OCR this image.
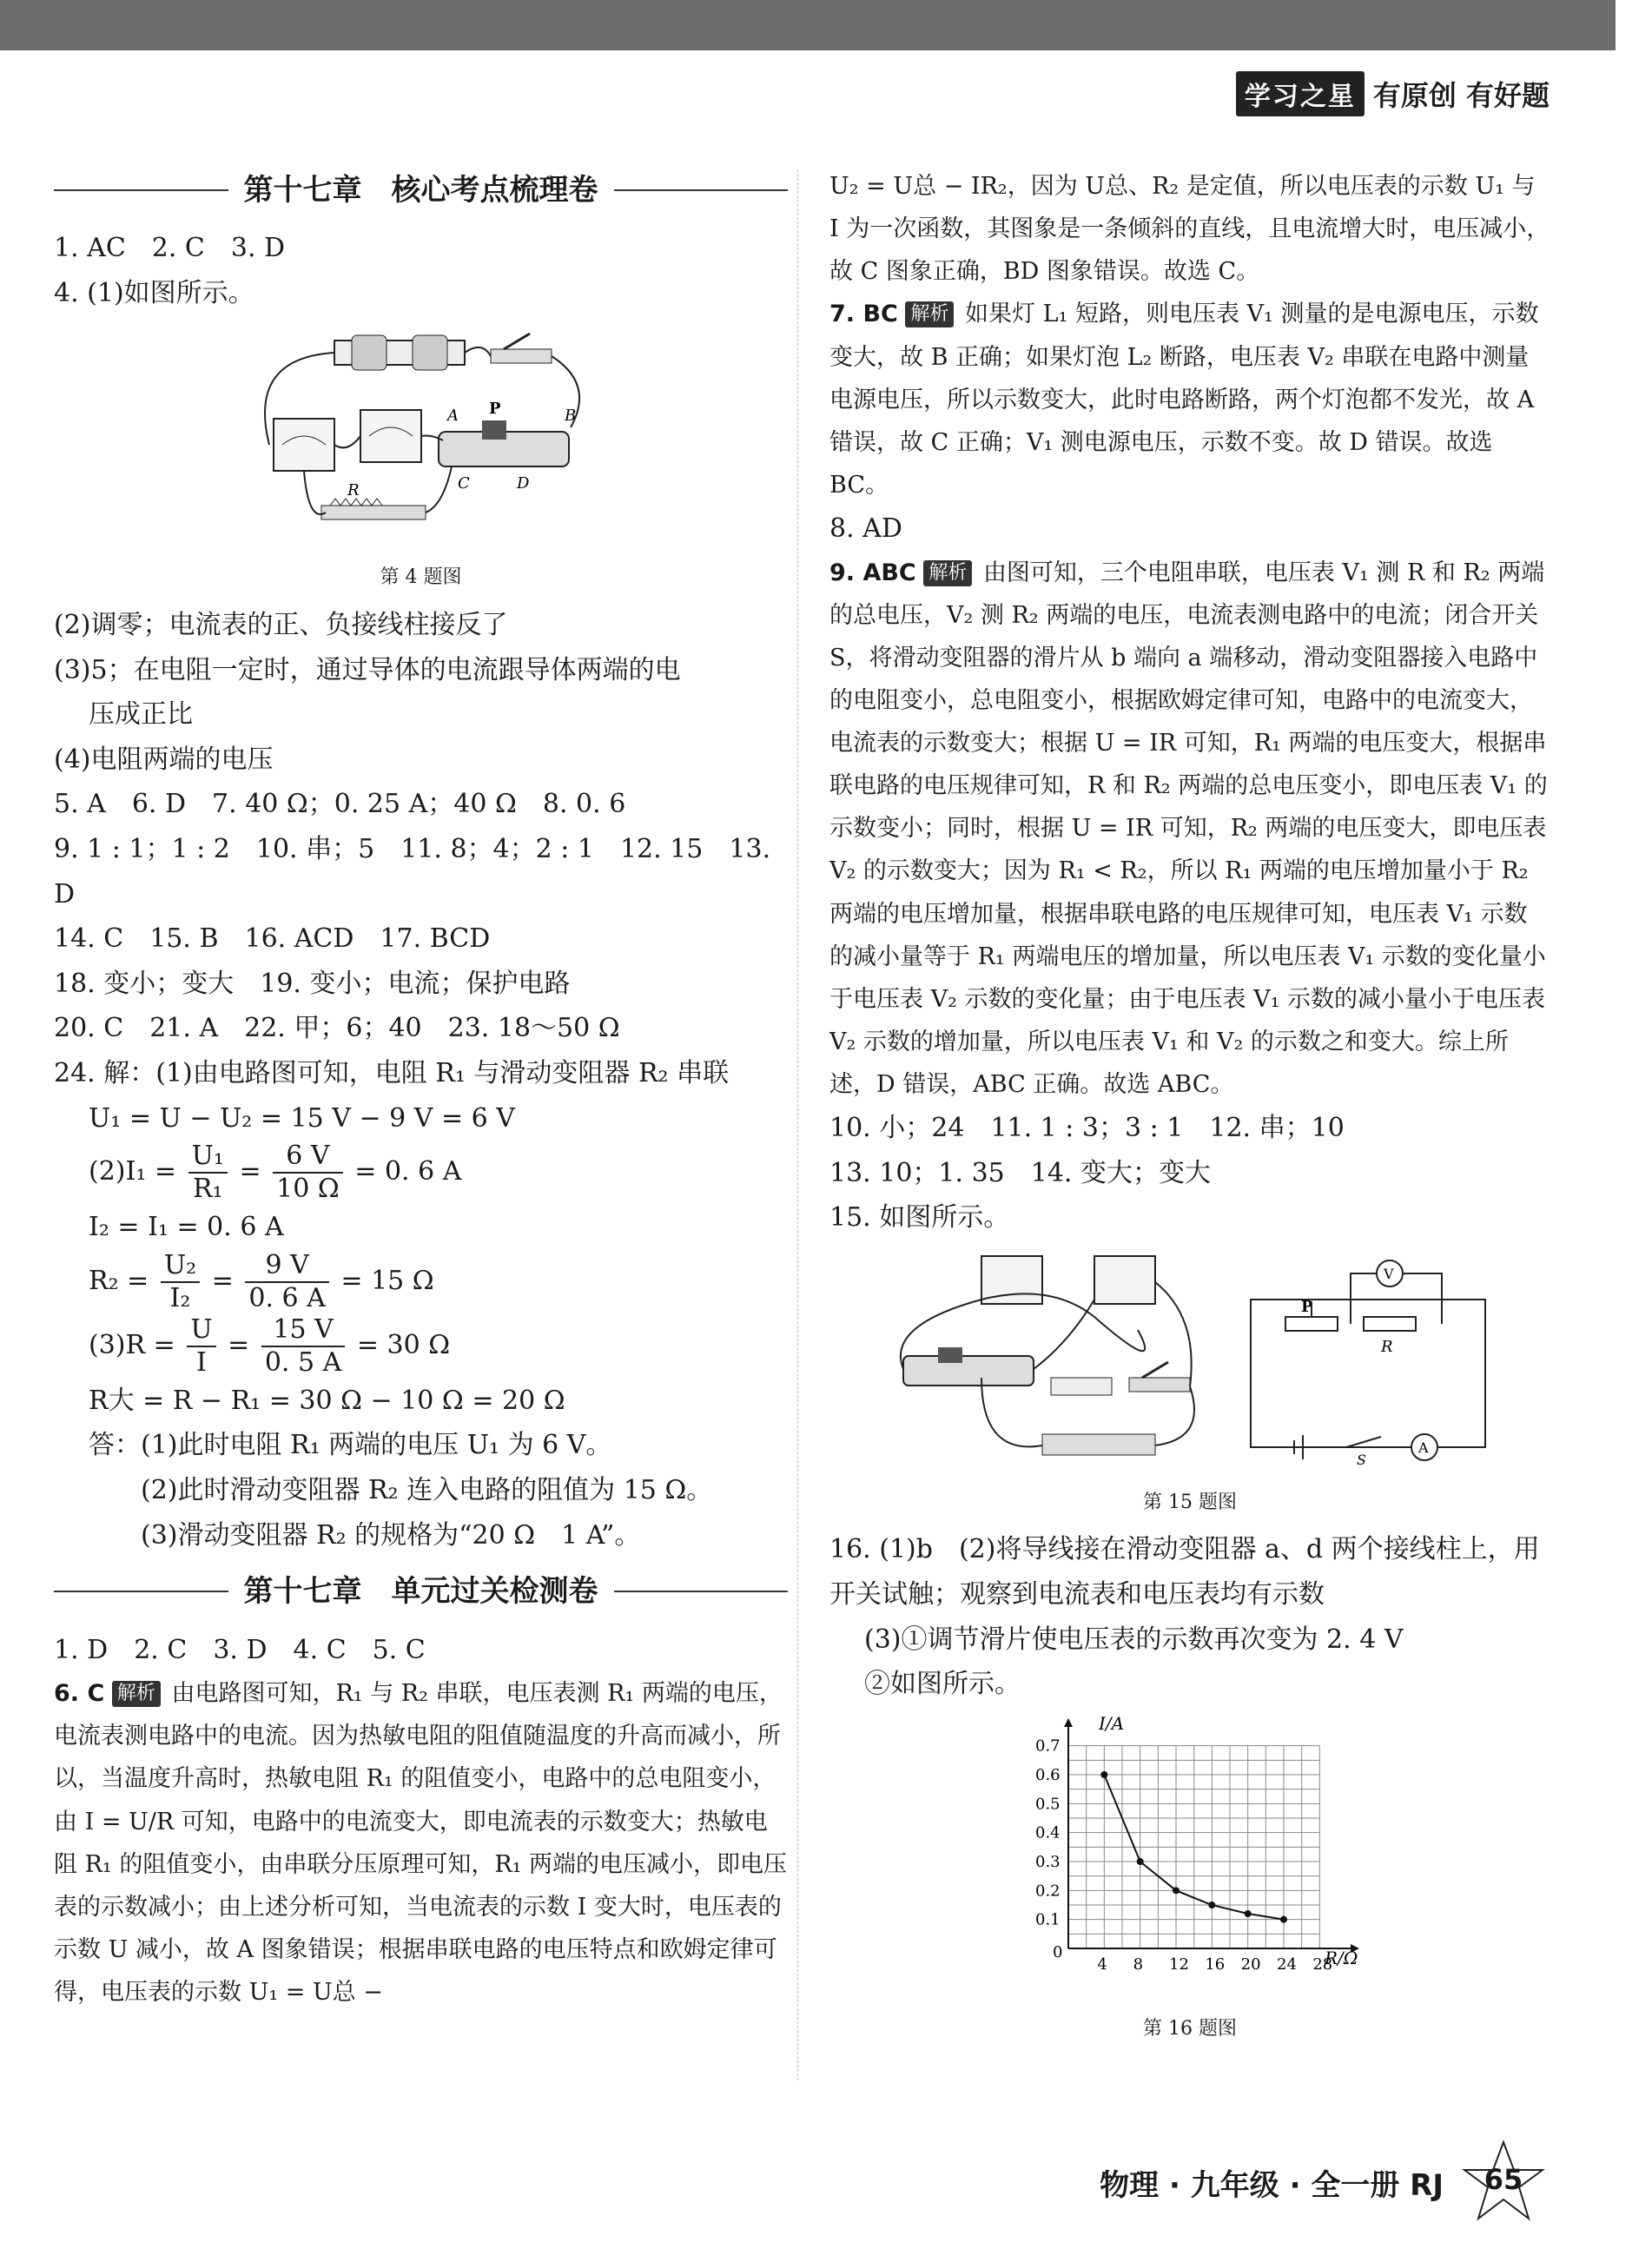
学习之星 有原创 有好题
第十七章　核心考点梳理卷

1. AC　2. C　3. D

4. (1)如图所示。

A P	B
C	D
R
第 4 题图

(2)调零；电流表的正、负接线柱接反了

(3)5；在电阻一定时，通过导体的电流跟导体两端的电

压成正比

(4)电阻两端的电压

5. A　6. D　7. 40 Ω；0. 25 A；40 Ω　8. 0. 6

9. 1 : 1；1 : 2　10. 串；5　11. 8；4；2 : 1　12. 15　13. D

14. C　15. B　16. ACD　17. BCD

18. 变小；变大　19. 变小；电流；保护电路

20. C　21. A　22. 甲；6；40　23. 18～50 Ω

24. 解：(1)由电路图可知，电阻 R₁ 与滑动变阻器 R₂ 串联

U₁ = U − U₂ = 15 V − 9 V = 6 V

$(2)I_1 = \frac{\text{U₁}}{\text{R₁}} = \frac{6 V}{10 \Omega} = 0$. 6 A

I₂ = I₁ = 0. 6 A

$R_2 = \frac{\text{U₂}}{\text{I₂}} = \frac{9 V}{0. 6 A} = 15$ Ω

$(3)R = \frac{U}{I} = \frac{15 V}{0. 5 A} = 30$ Ω

R大 = R − R₁ = 30 Ω − 10 Ω = 20 Ω

答：(1)此时电阻 R₁ 两端的电压 U₁ 为 6 V。

(2)此时滑动变阻器 R₂ 连入电路的阻值为 15 Ω。

(3)滑动变阻器 R₂ 的规格为“20 Ω　1 A”。

第十七章　单元过关检测卷

1. D　2. C　3. D　4. C　5. C

6. C 解析 由电路图可知，R₁ 与 R₂ 串联，电压表测 R₁ 两端的电压，电流表测电路中的电流。因为热敏电阻的阻值随温度的升高而减小，所以，当温度升高时，热敏电阻 R₁ 的阻值变小，电路中的总电阻变小，由 I = U/R 可知，电路中的电流变大，即电流表的示数变大；热敏电阻 R₁ 的阻值变小，由串联分压原理可知，R₁ 两端的电压减小，即电压表的示数减小；由上述分析可知，当电流表的示数 I 变大时，电压表的示数 U 减小，故 A 图象错误；根据串联电路的电压特点和欧姆定律可得，电压表的示数 U₁ = U总 −

U₂ = U总 − IR₂，因为 U总、R₂ 是定值，所以电压表的示数 U₁ 与 I 为一次函数，其图象是一条倾斜的直线，且电流增大时，电压减小，故 C 图象正确，BD 图象错误。故选 C。

7. BC 解析 如果灯 L₁ 短路，则电压表 V₁ 测量的是电源电压，示数变大，故 B 正确；如果灯泡 L₂ 断路，电压表 V₂ 串联在电路中测量电源电压，所以示数变大，此时电路断路，两个灯泡都不发光，故 A 错误，故 C 正确；V₁ 测电源电压，示数不变。故 D 错误。故选 BC。

8. AD

9. ABC 解析 由图可知，三个电阻串联，电压表 V₁ 测 R 和 R₂ 两端的总电压，V₂ 测 R₂ 两端的电压，电流表测电路中的电流；闭合开关 S，将滑动变阻器的滑片从 b 端向 a 端移动，滑动变阻器接入电路中的电阻变小，总电阻变小，根据欧姆定律可知，电路中的电流变大，电流表的示数变大；根据 U = IR 可知，R₁ 两端的电压变大，根据串联电路的电压规律可知，R 和 R₂ 两端的总电压变小，即电压表 V₁ 的示数变小；同时，根据 U = IR 可知，R₂ 两端的电压变大，即电压表 V₂ 的示数变大；因为 R₁ < R₂，所以 R₁ 两端的电压增加量小于 R₂ 两端的电压增加量，根据串联电路的电压规律可知，电压表 V₁ 示数的减小量等于 R₁ 两端电压的增加量，所以电压表 V₁ 示数的变化量小于电压表 V₂ 示数的变化量；由于电压表 V₁ 示数的减小量小于电压表 V₂ 示数的增加量，所以电压表 V₁ 和 V₂ 的示数之和变大。综上所述，D 错误，ABC 正确。故选 ABC。

10. 小；24　11. 1 : 3；3 : 1　12. 串；10

13. 10；1. 35　14. 变大；变大

15. 如图所示。

P
R
V
S
A
第 15 题图

16. (1)b　(2)将导线接在滑动变阻器 a、d 两个接线柱上，用开关试触；观察到电流表和电压表均有示数

(3)①调节滑片使电压表的示数再次变为 2. 4 V

②如图所示。

4 8 12 16 20 24 28
0.1
0.2
0.3
0.4
0.5
0.6
0.7
0
I/A
R/Ω
第 16 题图
物理 · 九年级 · 全一册 RJ	65
